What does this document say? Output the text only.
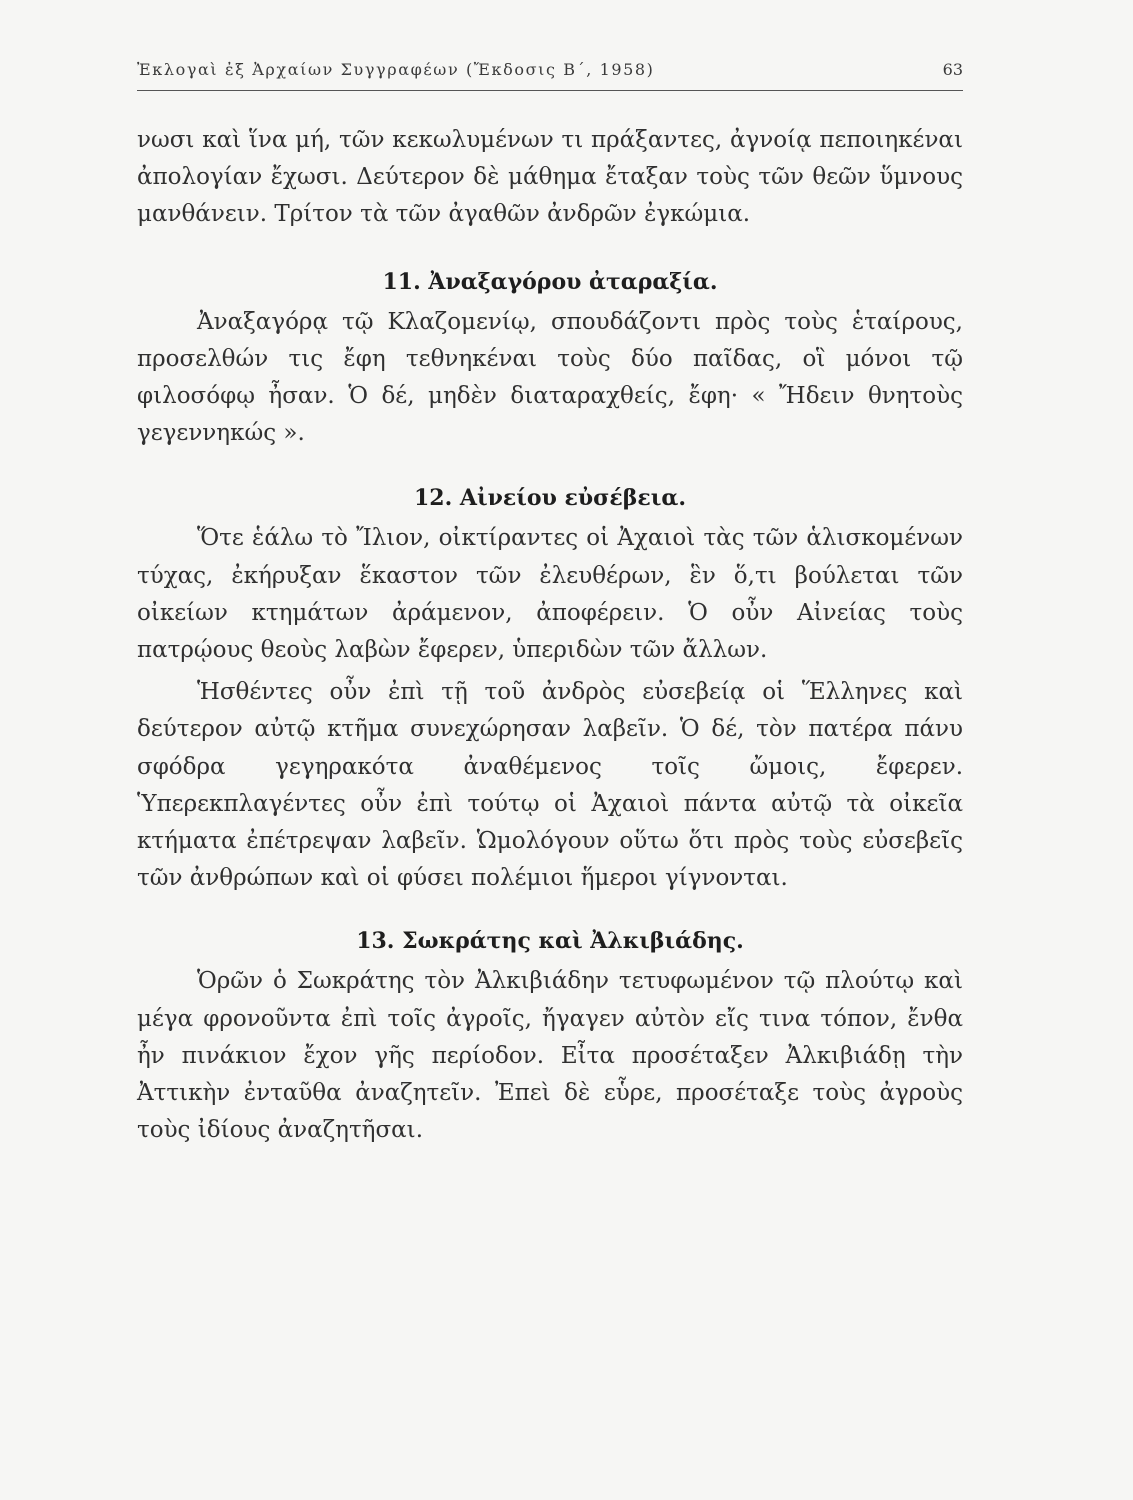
Ἐκλογαὶ ἐξ Ἀρχαίων Συγγραφέων (Ἔκδοσις Β΄, 1958)	63

νωσι καὶ ἵνα μή, τῶν κεκωλυμένων τι πράξαντες, ἀγνοίᾳ πεποιηκέναι ἀπολογίαν ἔχωσι. Δεύτερον δὲ μάθημα ἔταξαν τοὺς τῶν θεῶν ὕμνους μανθάνειν. Τρίτον τὰ τῶν ἀγαθῶν ἀνδρῶν ἐγκώμια.

11. Ἀναξαγόρου ἀταραξία.

Ἀναξαγόρᾳ τῷ Κλαζομενίῳ, σπουδάζοντι πρὸς τοὺς ἑταίρους, προσελθών τις ἔφη τεθνηκέναι τοὺς δύο παῖδας, οἳ μόνοι τῷ φιλοσόφῳ ἦσαν. Ὁ δέ, μηδὲν διαταραχθείς, ἔφη· « Ἤδειν θνητοὺς γεγεννηκώς ».

12. Αἰνείου εὐσέβεια.

Ὅτε ἑάλω τὸ Ἴλιον, οἰκτίραντες οἱ Ἀχαιοὶ τὰς τῶν ἁλισκομένων τύχας, ἐκήρυξαν ἕκαστον τῶν ἐλευθέρων, ἓν ὅ,τι βούλεται τῶν οἰκείων κτημάτων ἀράμενον, ἀποφέρειν. Ὁ οὖν Αἰνείας τοὺς πατρῴους θεοὺς λαβὼν ἔφερεν, ὑπεριδὼν τῶν ἄλλων.

Ἡσθέντες οὖν ἐπὶ τῇ τοῦ ἀνδρὸς εὐσεβείᾳ οἱ Ἕλληνες καὶ δεύτερον αὐτῷ κτῆμα συνεχώρησαν λαβεῖν. Ὁ δέ, τὸν πατέρα πάνυ σφόδρα γεγηρακότα ἀναθέμενος τοῖς ὤμοις, ἔφερεν. Ὑπερεκπλαγέντες οὖν ἐπὶ τούτῳ οἱ Ἀχαιοὶ πάντα αὐτῷ τὰ οἰκεῖα κτήματα ἐπέτρεψαν λαβεῖν. Ὡμολόγουν οὕτω ὅτι πρὸς τοὺς εὐσεβεῖς τῶν ἀνθρώπων καὶ οἱ φύσει πολέμιοι ἥμεροι γίγνονται.

13. Σωκράτης καὶ Ἀλκιβιάδης.

Ὁρῶν ὁ Σωκράτης τὸν Ἀλκιβιάδην τετυφωμένον τῷ πλούτῳ καὶ μέγα φρονοῦντα ἐπὶ τοῖς ἀγροῖς, ἤγαγεν αὐτὸν εἴς τινα τόπον, ἔνθα ἦν πινάκιον ἔχον γῆς περίοδον. Εἶτα προσέταξεν Ἀλκιβιάδῃ τὴν Ἀττικὴν ἐνταῦθα ἀναζητεῖν. Ἐπεὶ δὲ εὗρε, προσέταξε τοὺς ἀγροὺς τοὺς ἰδίους ἀναζητῆσαι.
